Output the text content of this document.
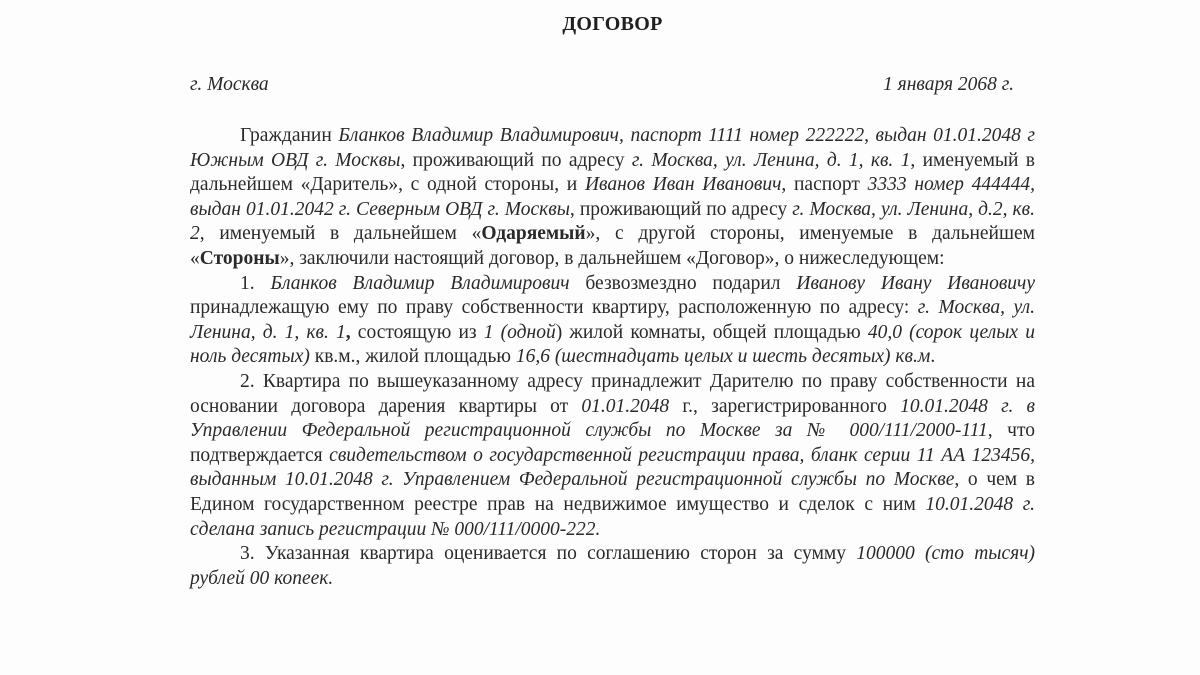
ДОГОВОР
г. Москва	1 января 2068 г.

Гражданин Бланков Владимир Владимирович, паспорт 1111 номер 222222, выдан 01.01.2048 г Южным ОВД г. Москвы, проживающий по адресу г. Москва, ул. Ленина, д. 1, кв. 1, именуемый в дальнейшем «Даритель», с одной стороны, и Иванов Иван Иванович, паспорт 3333 номер 444444, выдан 01.01.2042 г. Северным ОВД г. Москвы, проживающий по адресу г. Москва, ул. Ленина, д.2, кв. 2, именуемый в дальнейшем «Одаряемый», с другой стороны, именуемые в дальнейшем «Стороны», заключили настоящий договор, в дальнейшем «Договор», о нижеследующем:

1. Бланков Владимир Владимирович безвозмездно подарил Иванову Ивану Ивановичу принадлежащую ему по праву собственности квартиру, расположенную по адресу: г. Москва, ул. Ленина, д. 1, кв. 1, состоящую из 1 (одной) жилой комнаты, общей площадью 40,0 (сорок целых и ноль десятых) кв.м., жилой площадью 16,6 (шестнадцать целых и шесть десятых) кв.м.

2. Квартира по вышеуказанному адресу принадлежит Дарителю по праву собственности на основании договора дарения квартиры от 01.01.2048 г., зарегистрированного 10.01.2048 г. в Управлении Федеральной регистрационной службы по Москве за № 000/111/2000-111, что подтверждается свидетельством о государственной регистрации права, бланк серии 11 АА 123456, выданным 10.01.2048 г. Управлением Федеральной регистрационной службы по Москве, о чем в Едином государственном реестре прав на недвижимое имущество и сделок с ним 10.01.2048 г. сделана запись регистрации № 000/111/0000-222.

3. Указанная квартира оценивается по соглашению сторон за сумму 100000 (сто тысяч) рублей 00 копеек.
